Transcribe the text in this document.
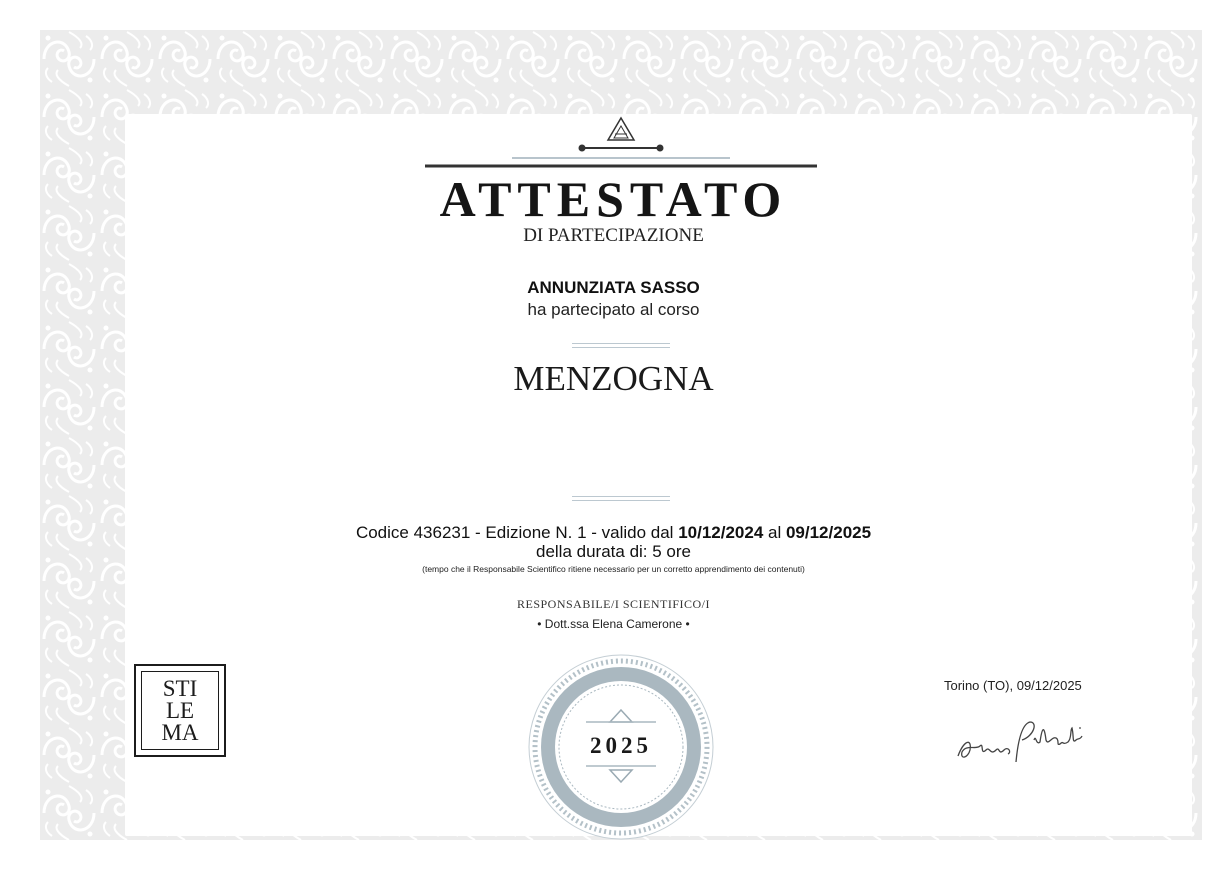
ATTESTATO
DI PARTECIPAZIONE
ANNUNZIATA SASSO
ha partecipato al corso
MENZOGNA
Codice 436231 - Edizione N. 1 - valido dal 10/12/2024 al 09/12/2025
della durata di: 5 ore
(tempo che il Responsabile Scientifico ritiene necessario per un corretto apprendimento dei contenuti)
RESPONSABILE/I SCIENTIFICO/I
• Dott.ssa Elena Camerone •
STI
LE
MA
2025
Torino (TO), 09/12/2025
